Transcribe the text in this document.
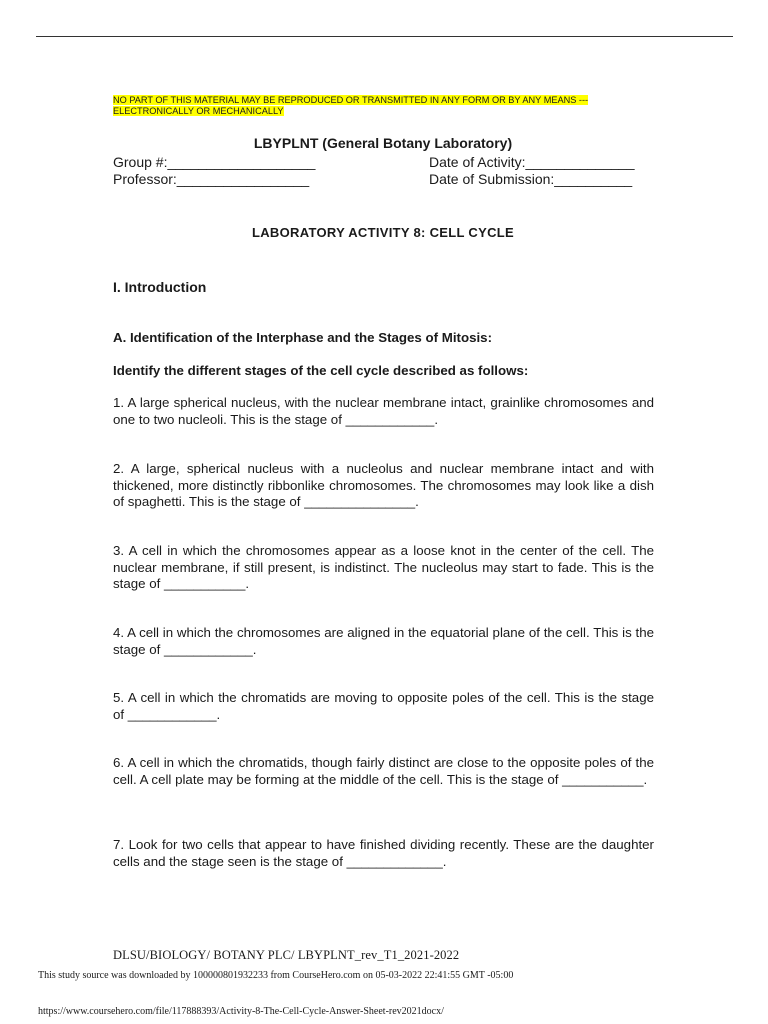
NO PART OF THIS MATERIAL MAY BE REPRODUCED OR TRANSMITTED IN ANY FORM OR BY ANY MEANS --- ELECTRONICALLY OR MECHANICALLY
LBYPLNT (General Botany Laboratory)
Group #:___________________	Date of Activity:______________
Professor:_________________	Date of Submission:__________
LABORATORY ACTIVITY 8: CELL CYCLE
I. Introduction
A. Identification of the Interphase and the Stages of Mitosis:
Identify the different stages of the cell cycle described as follows:
1. A large spherical nucleus, with the nuclear membrane intact, grainlike chromosomes and one to two nucleoli. This is the stage of ____________.
2. A large, spherical nucleus with a nucleolus and nuclear membrane intact and with thickened, more distinctly ribbonlike chromosomes. The chromosomes may look like a dish of spaghetti. This is the stage of _______________.
3. A cell in which the chromosomes appear as a loose knot in the center of the cell. The nuclear membrane, if still present, is indistinct. The nucleolus may start to fade. This is the stage of ___________.
4. A cell in which the chromosomes are aligned in the equatorial plane of the cell. This is the stage of ____________.
5. A cell in which the chromatids are moving to opposite poles of the cell. This is the stage of ____________.
6. A cell in which the chromatids, though fairly distinct are close to the opposite poles of the cell. A cell plate may be forming at the middle of the cell. This is the stage of ___________.
7. Look for two cells that appear to have finished dividing recently. These are the daughter cells and the stage seen is the stage of _____________.
DLSU/BIOLOGY/ BOTANY PLC/ LBYPLNT_rev_T1_2021-2022
This study source was downloaded by 100000801932233 from CourseHero.com on 05-03-2022 22:41:55 GMT -05:00
https://www.coursehero.com/file/117888393/Activity-8-The-Cell-Cycle-Answer-Sheet-rev2021docx/
